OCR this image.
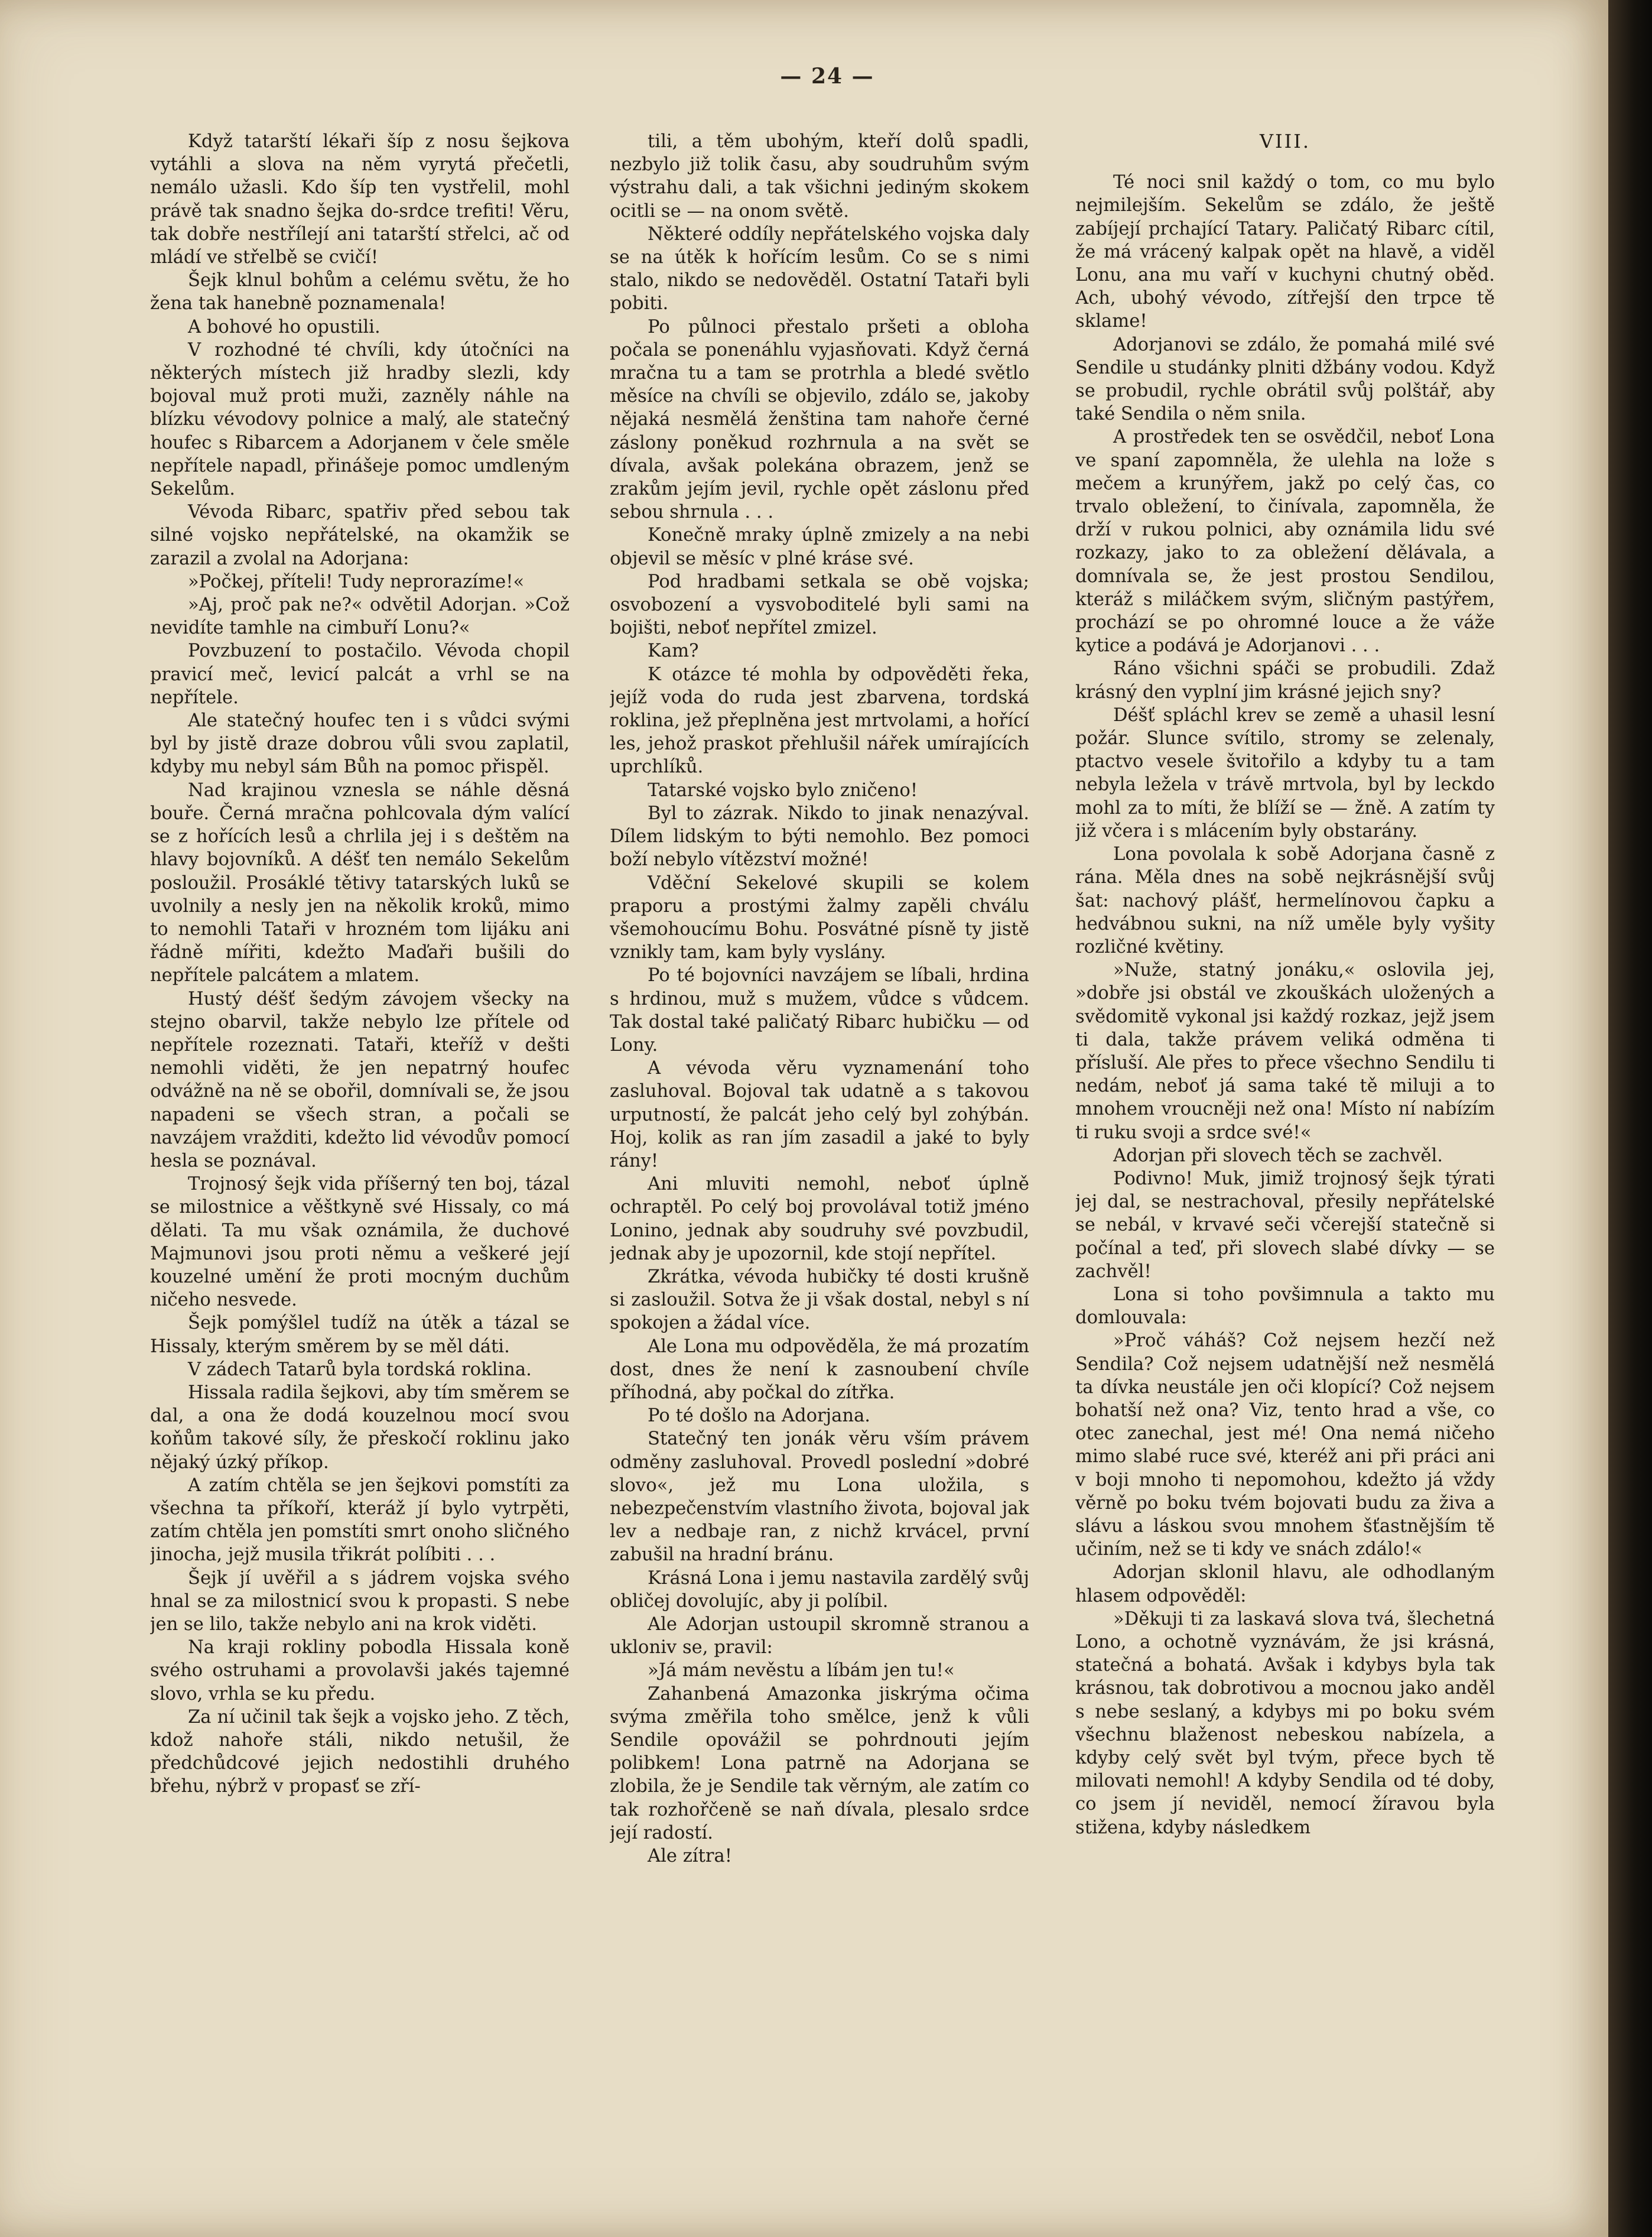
— 24 —

Když tatarští lékaři šíp z nosu šejkova vytáhli a slova na něm vyrytá přečetli, nemálo užasli. Kdo šíp ten vystřelil, mohl právě tak snadno šejka do-srdce trefiti! Věru, tak dobře nestřílejí ani tatarští střelci, ač od mládí ve střelbě se cvičí!

Šejk klnul bohům a celému světu, že ho žena tak hanebně poznamenala!

A bohové ho opustili.

V rozhodné té chvíli, kdy útočníci na některých místech již hradby slezli, kdy bojoval muž proti muži, zazněly náhle na blízku vévodovy polnice a malý, ale statečný houfec s Ribarcem a Adorjanem v čele směle nepřítele napadl, přinášeje pomoc umdleným Sekelům.

Vévoda Ribarc, spatřiv před sebou tak silné vojsko nepřátelské, na okamžik se zarazil a zvolal na Adorjana:

»Počkej, příteli! Tudy neprorazíme!«

»Aj, proč pak ne?« odvětil Adorjan. »Což nevidíte tamhle na cimbuří Lonu?«

Povzbuzení to postačilo. Vévoda chopil pravicí meč, levicí palcát a vrhl se na nepřítele.

Ale statečný houfec ten i s vůdci svými byl by jistě draze dobrou vůli svou zaplatil, kdyby mu nebyl sám Bůh na pomoc přispěl.

Nad krajinou vznesla se náhle děsná bouře. Černá mračna pohlcovala dým valící se z hořících lesů a chrlila jej i s deštěm na hlavy bojovníků. A déšť ten nemálo Sekelům posloužil. Prosáklé tětivy tatarských luků se uvolnily a nesly jen na několik kroků, mimo to nemohli Tataři v hrozném tom lijáku ani řádně mířiti, kdežto Maďaři bušili do nepřítele palcátem a mlatem.

Hustý déšť šedým závojem všecky na stejno obarvil, takže nebylo lze přítele od nepřítele rozeznati. Tataři, kteříž v dešti nemohli viděti, že jen nepatrný houfec odvážně na ně se obořil, domnívali se, že jsou napadeni se všech stran, a počali se navzájem vražditi, kdežto lid vévodův pomocí hesla se poznával.

Trojnosý šejk vida příšerný ten boj, tázal se milostnice a věštkyně své Hissaly, co má dělati. Ta mu však oznámila, že duchové Majmunovi jsou proti němu a veškeré její kouzelné umění že proti mocným duchům ničeho nesvede.

Šejk pomýšlel tudíž na útěk a tázal se Hissaly, kterým směrem by se měl dáti.

V zádech Tatarů byla tordská roklina.

Hissala radila šejkovi, aby tím směrem se dal, a ona že dodá kouzelnou mocí svou koňům takové síly, že přeskočí roklinu jako nějaký úzký příkop.

A zatím chtěla se jen šejkovi pomstíti za všechna ta příkoří, kteráž jí bylo vytrpěti, zatím chtěla jen pomstíti smrt onoho sličného jinocha, jejž musila třikrát políbiti . . .

Šejk jí uvěřil a s jádrem vojska svého hnal se za milostnicí svou k propasti. S nebe jen se lilo, takže nebylo ani na krok viděti.

Na kraji rokliny pobodla Hissala koně svého ostruhami a provolavši jakés tajemné slovo, vrhla se ku předu.

Za ní učinil tak šejk a vojsko jeho. Z těch, kdož nahoře stáli, nikdo netušil, že předchůdcové jejich nedostihli druhého břehu, nýbrž v propasť se zří-

tili, a těm ubohým, kteří dolů spadli, nezbylo již tolik času, aby soudruhům svým výstrahu dali, a tak všichni jediným skokem ocitli se — na onom světě.

Některé oddíly nepřátelského vojska daly se na útěk k hořícím lesům. Co se s nimi stalo, nikdo se nedověděl. Ostatní Tataři byli pobiti.

Po půlnoci přestalo pršeti a obloha počala se ponenáhlu vyjasňovati. Když černá mračna tu a tam se protrhla a bledé světlo měsíce na chvíli se objevilo, zdálo se, jakoby nějaká nesmělá ženština tam nahoře černé záslony poněkud rozhrnula a na svět se dívala, avšak polekána obrazem, jenž se zrakům jejím jevil, rychle opět záslonu před sebou shrnula . . .

Konečně mraky úplně zmizely a na nebi objevil se měsíc v plné kráse své.

Pod hradbami setkala se obě vojska; osvobození a vysvoboditelé byli sami na bojišti, neboť nepřítel zmizel.

Kam?

K otázce té mohla by odpověděti řeka, jejíž voda do ruda jest zbarvena, tordská roklina, jež přeplněna jest mrtvolami, a hořící les, jehož praskot přehlušil nářek umírajících uprchlíků.

Tatarské vojsko bylo zničeno!

Byl to zázrak. Nikdo to jinak nenazýval. Dílem lidským to býti nemohlo. Bez pomoci boží nebylo vítězství možné!

Vděční Sekelové skupili se kolem praporu a prostými žalmy zapěli chválu všemohoucímu Bohu. Posvátné písně ty jistě vznikly tam, kam byly vyslány.

Po té bojovníci navzájem se líbali, hrdina s hrdinou, muž s mužem, vůdce s vůdcem. Tak dostal také paličatý Ribarc hubičku — od Lony.

A vévoda věru vyznamenání toho zasluhoval. Bojoval tak udatně a s takovou urputností, že palcát jeho celý byl zohýbán. Hoj, kolik as ran jím zasadil a jaké to byly rány!

Ani mluviti nemohl, neboť úplně ochraptěl. Po celý boj provolával totiž jméno Lonino, jednak aby soudruhy své povzbudil, jednak aby je upozornil, kde stojí nepřítel.

Zkrátka, vévoda hubičky té dosti krušně si zasloužil. Sotva že ji však dostal, nebyl s ní spokojen a žádal více.

Ale Lona mu odpověděla, že má prozatím dost, dnes že není k zasnoubení chvíle příhodná, aby počkal do zítřka.

Po té došlo na Adorjana.

Statečný ten jonák věru vším právem odměny zasluhoval. Provedl poslední »dobré slovo«, jež mu Lona uložila, s nebezpečenstvím vlastního života, bojoval jak lev a nedbaje ran, z nichž krvácel, první zabušil na hradní bránu.

Krásná Lona i jemu nastavila zardělý svůj obličej dovolujíc, aby ji políbil.

Ale Adorjan ustoupil skromně stranou a ukloniv se, pravil:

»Já mám nevěstu a líbám jen tu!«

Zahanbená Amazonka jiskrýma očima svýma změřila toho smělce, jenž k vůli Sendile opovážil se pohrdnouti jejím polibkem! Lona patrně na Adorjana se zlobila, že je Sendile tak věrným, ale zatím co tak rozhořčeně se naň dívala, plesalo srdce její radostí.

Ale zítra!

VIII.

Té noci snil každý o tom, co mu bylo nejmilejším. Sekelům se zdálo, že ještě zabíjejí prchající Tatary. Paličatý Ribarc cítil, že má vrácený kalpak opět na hlavě, a viděl Lonu, ana mu vaří v kuchyni chutný oběd. Ach, ubohý vévodo, zítřejší den trpce tě sklame!

Adorjanovi se zdálo, že pomahá milé své Sendile u studánky plniti džbány vodou. Když se probudil, rychle obrátil svůj polštář, aby také Sendila o něm snila.

A prostředek ten se osvědčil, neboť Lona ve spaní zapomněla, že ulehla na lože s mečem a krunýřem, jakž po celý čas, co trvalo obležení, to činívala, zapomněla, že drží v rukou polnici, aby oznámila lidu své rozkazy, jako to za obležení dělávala, a domnívala se, že jest prostou Sendilou, kteráž s miláčkem svým, sličným pastýřem, prochází se po ohromné louce a že váže kytice a podává je Adorjanovi . . .

Ráno všichni spáči se probudili. Zdaž krásný den vyplní jim krásné jejich sny?

Déšť spláchl krev se země a uhasil lesní požár. Slunce svítilo, stromy se zelenaly, ptactvo vesele švitořilo a kdyby tu a tam nebyla ležela v trávě mrtvola, byl by leckdo mohl za to míti, že blíží se — žně. A zatím ty již včera i s mlácením byly obstarány.

Lona povolala k sobě Adorjana časně z rána. Měla dnes na sobě nejkrásnější svůj šat: nachový plášť, hermelínovou čapku a hedvábnou sukni, na níž uměle byly vyšity rozličné květiny.

»Nuže, statný jonáku,« oslovila jej, »dobře jsi obstál ve zkouškách uložených a svědomitě vykonal jsi každý rozkaz, jejž jsem ti dala, takže právem veliká odměna ti přísluší. Ale přes to přece všechno Sendilu ti nedám, neboť já sama také tě miluji a to mnohem vroucněji než ona! Místo ní nabízím ti ruku svoji a srdce své!«

Adorjan při slovech těch se zachvěl.

Podivno! Muk, jimiž trojnosý šejk týrati jej dal, se nestrachoval, přesily nepřátelské se nebál, v krvavé seči včerejší statečně si počínal a teď, při slovech slabé dívky — se zachvěl!

Lona si toho povšimnula a takto mu domlouvala:

»Proč váháš? Což nejsem hezčí než Sendila? Což nejsem udatnější než nesmělá ta dívka neustále jen oči klopící? Což nejsem bohatší než ona? Viz, tento hrad a vše, co otec zanechal, jest mé! Ona nemá ničeho mimo slabé ruce své, kteréž ani při práci ani v boji mnoho ti nepomohou, kdežto já vždy věrně po boku tvém bojovati budu za živa a slávu a láskou svou mnohem šťastnějším tě učiním, než se ti kdy ve snách zdálo!«

Adorjan sklonil hlavu, ale odhodlaným hlasem odpověděl:

»Děkuji ti za laskavá slova tvá, šlechetná Lono, a ochotně vyznávám, že jsi krásná, statečná a bohatá. Avšak i kdybys byla tak krásnou, tak dobrotivou a mocnou jako anděl s nebe seslaný, a kdybys mi po boku svém všechnu blaženost nebeskou nabízela, a kdyby celý svět byl tvým, přece bych tě milovati nemohl! A kdyby Sendila od té doby, co jsem jí neviděl, nemocí žíravou byla stižena, kdyby následkem
